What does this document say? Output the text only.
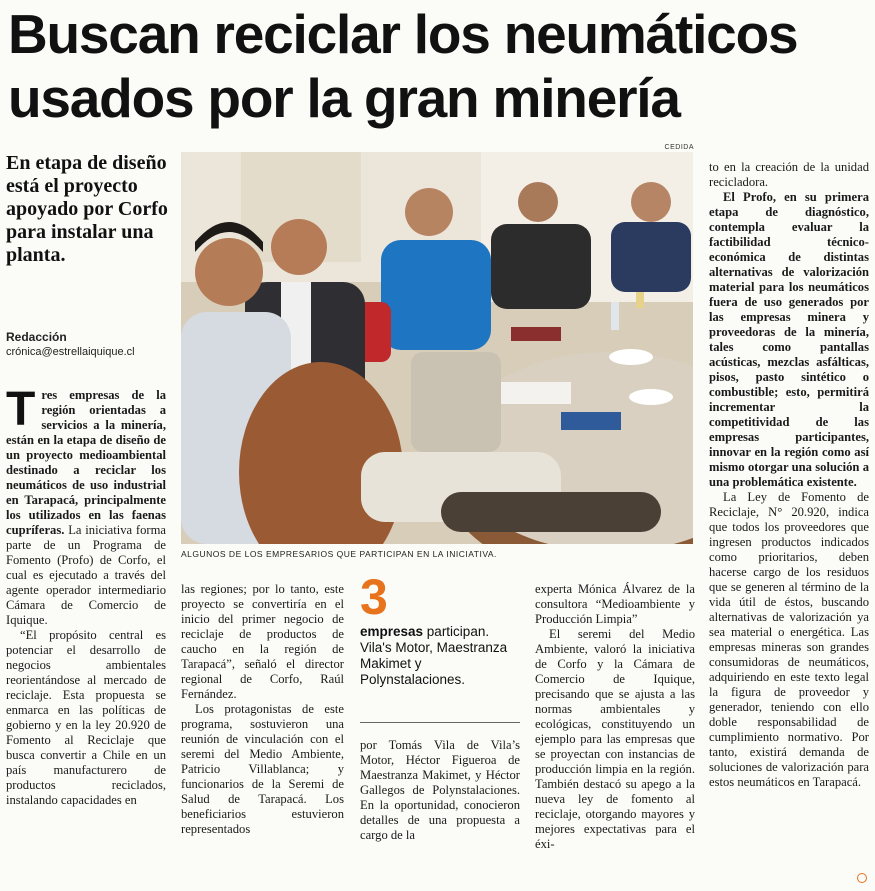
Buscan reciclar los neumáticos
usados por la gran minería
En etapa de diseño está el proyecto apoyado por Corfo para instalar una planta.
Redacción
crónica@estrellaiquique.cl
CEDIDA
ALGUNOS DE LOS EMPRESARIOS QUE PARTICIPAN EN LA INICIATIVA.

Tres empresas de la región orientadas a servicios a la minería, están en la etapa de diseño de un proyecto medioambiental destinado a reciclar los neumáticos de uso industrial en Tarapacá, principalmente los utilizados en las faenas cupríferas. La iniciativa forma parte de un Programa de Fomento (Profo) de Corfo, el cual es ejecutado a través del agente operador intermediario Cámara de Comercio de Iquique.

“El propósito central es potenciar el desarrollo de negocios ambientales reorientándose al mercado de reciclaje. Esta propuesta se enmarca en las políticas de gobierno y en la ley 20.920 de Fomento al Reciclaje que busca convertir a Chile en un país manufacturero de productos reciclados, instalando capacidades en

las regiones; por lo tanto, este proyecto se convertiría en el inicio del primer negocio de reciclaje de productos de caucho en la región de Tarapacá”, señaló el director regional de Corfo, Raúl Fernández.

Los protagonistas de este programa, sostuvieron una reunión de vinculación con el seremi del Medio Ambiente, Patricio Villablanca; y funcionarios de la Seremi de Salud de Tarapacá. Los beneficiarios estuvieron representados

3
empresas participan. Vila's Motor, Maestranza Makimet y Polynstalaciones.

por Tomás Vila de Vila’s Motor, Héctor Figueroa de Maestranza Makimet, y Héctor Gallegos de Polynstalaciones. En la oportunidad, conocieron detalles de una propuesta a cargo de la

experta Mónica Álvarez de la consultora “Medioambiente y Producción Limpia”

El seremi del Medio Ambiente, valoró la iniciativa de Corfo y la Cámara de Comercio de Iquique, precisando que se ajusta a las normas ambientales y ecológicas, constituyendo un ejemplo para las empresas que se proyectan con instancias de producción limpia en la región. También destacó su apego a la nueva ley de fomento al reciclaje, otorgando mayores y mejores expectativas para el éxi-

to en la creación de la unidad recicladora.

El Profo, en su primera etapa de diagnóstico, contempla evaluar la factibilidad técnico-económica de distintas alternativas de valorización material para los neumáticos fuera de uso generados por las empresas minera y proveedoras de la minería, tales como pantallas acústicas, mezclas asfálticas, pisos, pasto sintético o combustible; esto, permitirá incrementar la competitividad de las empresas participantes, innovar en la región como así mismo otorgar una solución a una problemática existente.

La Ley de Fomento de Reciclaje, N° 20.920, indica que todos los proveedores que ingresen productos indicados como prioritarios, deben hacerse cargo de los residuos que se generen al término de la vida útil de éstos, buscando alternativas de valorización ya sea material o energética. Las empresas mineras son grandes consumidoras de neumáticos, adquiriendo en este texto legal la figura de proveedor y generador, teniendo con ello doble responsabilidad de cumplimiento normativo. Por tanto, existirá demanda de soluciones de valorización para estos neumáticos en Tarapacá.
